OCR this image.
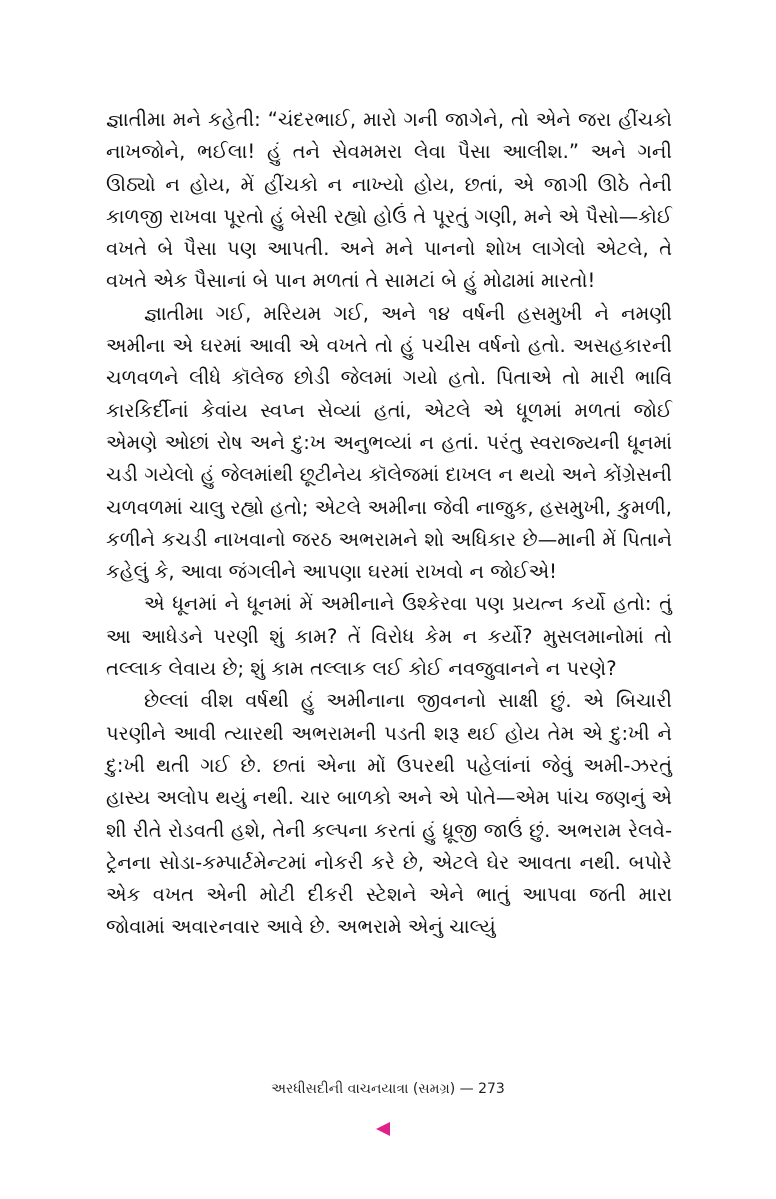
જ્ઞાતીમા મને કહેતી: “ચંદરભાઈ, મારો ગની જાગેને, તો એને જરા હીંચકો નાખજોને, ભઈલા! હું તને સેવમમરા લેવા પૈસા આલીશ.” અને ગની ઊઠ્યો ન હોય, મેં હીંચકો ન નાખ્યો હોય, છતાં, એ જાગી ઊઠે તેની કાળજી રાખવા પૂરતો હું બેસી રહ્યો હોઉં તે પૂરતું ગણી, મને એ પૈસો—કોઈ વખતે બે પૈસા પણ આપતી. અને મને પાનનો શોખ લાગેલો એટલે, તે વખતે એક પૈસાનાં બે પાન મળતાં તે સામટાં બે હું મોઢામાં મારતો!

જ્ઞાતીમા ગઈ, મરિયમ ગઈ, અને ૧૪ વર્ષની હસમુખી ને નમણી અમીના એ ઘરમાં આવી એ વખતે તો હું પચીસ વર્ષનો હતો. અસહકારની ચળવળને લીધે કૉલેજ છોડી જેલમાં ગયો હતો. પિતાએ તો મારી ભાવિ કારકિર્દીનાં કેવાંય સ્વપ્ન સેવ્યાં હતાં, એટલે એ ધૂળમાં મળતાં જોઈ એમણે ઓછાં રોષ અને દુ:ખ અનુભવ્યાં ન હતાં. પરંતુ સ્વરાજ્યની ધૂનમાં ચડી ગયેલો હું જેલમાંથી છૂટીનેય કૉલેજમાં દાખલ ન થયો અને કોંગ્રેસની ચળવળમાં ચાલુ રહ્યો હતો; એટલે અમીના જેવી નાજુક, હસમુખી, કુમળી, કળીને કચડી નાખવાનો જરઠ અભરામને શો અધિકાર છે—માની મેં પિતાને કહેલું કે, આવા જંગલીને આપણા ઘરમાં રાખવો ન જોઈએ!

એ ધૂનમાં ને ધૂનમાં મેં અમીનાને ઉશ્કેરવા પણ પ્રયત્ન કર્યો હતો: તું આ આધેડને પરણી શું કામ? તેં વિરોધ કેમ ન કર્યો? મુસલમાનોમાં તો તલ્લાક લેવાય છે; શું કામ તલ્લાક લઈ કોઈ નવજુવાનને ન પરણે?

છેલ્લાં વીશ વર્ષથી હું અમીનાના જીવનનો સાક્ષી છું. એ બિચારી પરણીને આવી ત્યારથી અભરામની પડતી શરૂ થઈ હોય તેમ એ દુ:ખી ને દુ:ખી થતી ગઈ છે. છતાં એના મોં ઉપરથી પહેલાંનાં જેવું અમી-ઝરતું હાસ્ય અલોપ થયું નથી. ચાર બાળકો અને એ પોતે—એમ પાંચ જણનું એ શી રીતે રોડવતી હશે, તેની કલ્પના કરતાં હું ધ્રૂજી જાઉં છું. અભરામ રેલવે-ટ્રેનના સોડા-કમ્પાર્ટમેન્ટમાં નોકરી કરે છે, એટલે ઘેર આવતા નથી. બપોરે એક વખત એની મોટી દીકરી સ્ટેશને એને ભાતું આપવા જતી મારા જોવામાં અવારનવાર આવે છે. અભરામે એનું ચાલ્યું

અરધીસદીની વાચનયાત્રા (સમગ્ર) — 273
